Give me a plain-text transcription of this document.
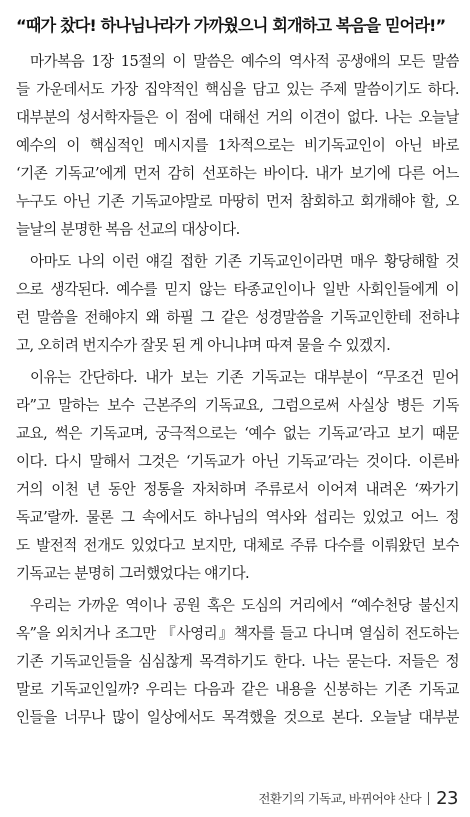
“때가 찼다! 하나님나라가 가까웠으니 회개하고 복음을 믿어라!”
마가복음 1장 15절의 이 말씀은 예수의 역사적 공생애의 모든 말씀
들 가운데서도 가장 집약적인 핵심을 담고 있는 주제 말씀이기도 하다.
대부분의 성서학자들은 이 점에 대해선 거의 이견이 없다. 나는 오늘날
예수의 이 핵심적인 메시지를 1차적으로는 비기독교인이 아닌 바로
‘기존 기독교’에게 먼저 감히 선포하는 바이다. 내가 보기에 다른 어느
누구도 아닌 기존 기독교야말로 마땅히 먼저 참회하고 회개해야 할, 오
늘날의 분명한 복음 선교의 대상이다.
아마도 나의 이런 얘길 접한 기존 기독교인이라면 매우 황당해할 것
으로 생각된다. 예수를 믿지 않는 타종교인이나 일반 사회인들에게 이
런 말씀을 전해야지 왜 하필 그 같은 성경말씀을 기독교인한테 전하냐
고, 오히려 번지수가 잘못 된 게 아니냐며 따져 물을 수 있겠지.
이유는 간단하다. 내가 보는 기존 기독교는 대부분이 “무조건 믿어
라”고 말하는 보수 근본주의 기독교요, 그럼으로써 사실상 병든 기독
교요, 썩은 기독교며, 궁극적으로는 ‘예수 없는 기독교’라고 보기 때문
이다. 다시 말해서 그것은 ‘기독교가 아닌 기독교’라는 것이다. 이른바
거의 이천 년 동안 정통을 자처하며 주류로서 이어져 내려온 ‘짜가기
독교’랄까. 물론 그 속에서도 하나님의 역사와 섭리는 있었고 어느 정
도 발전적 전개도 있었다고 보지만, 대체로 주류 다수를 이뤄왔던 보수
기독교는 분명히 그러했었다는 얘기다.
우리는 가까운 역이나 공원 혹은 도심의 거리에서 “예수천당 불신지
옥”을 외치거나 조그만 『사영리』책자를 들고 다니며 열심히 전도하는
기존 기독교인들을 심심찮게 목격하기도 한다. 나는 묻는다. 저들은 정
말로 기독교인일까? 우리는 다음과 같은 내용을 신봉하는 기존 기독교
인들을 너무나 많이 일상에서도 목격했을 것으로 본다. 오늘날 대부분
전환기의 기독교, 바뀌어야 산다 23
